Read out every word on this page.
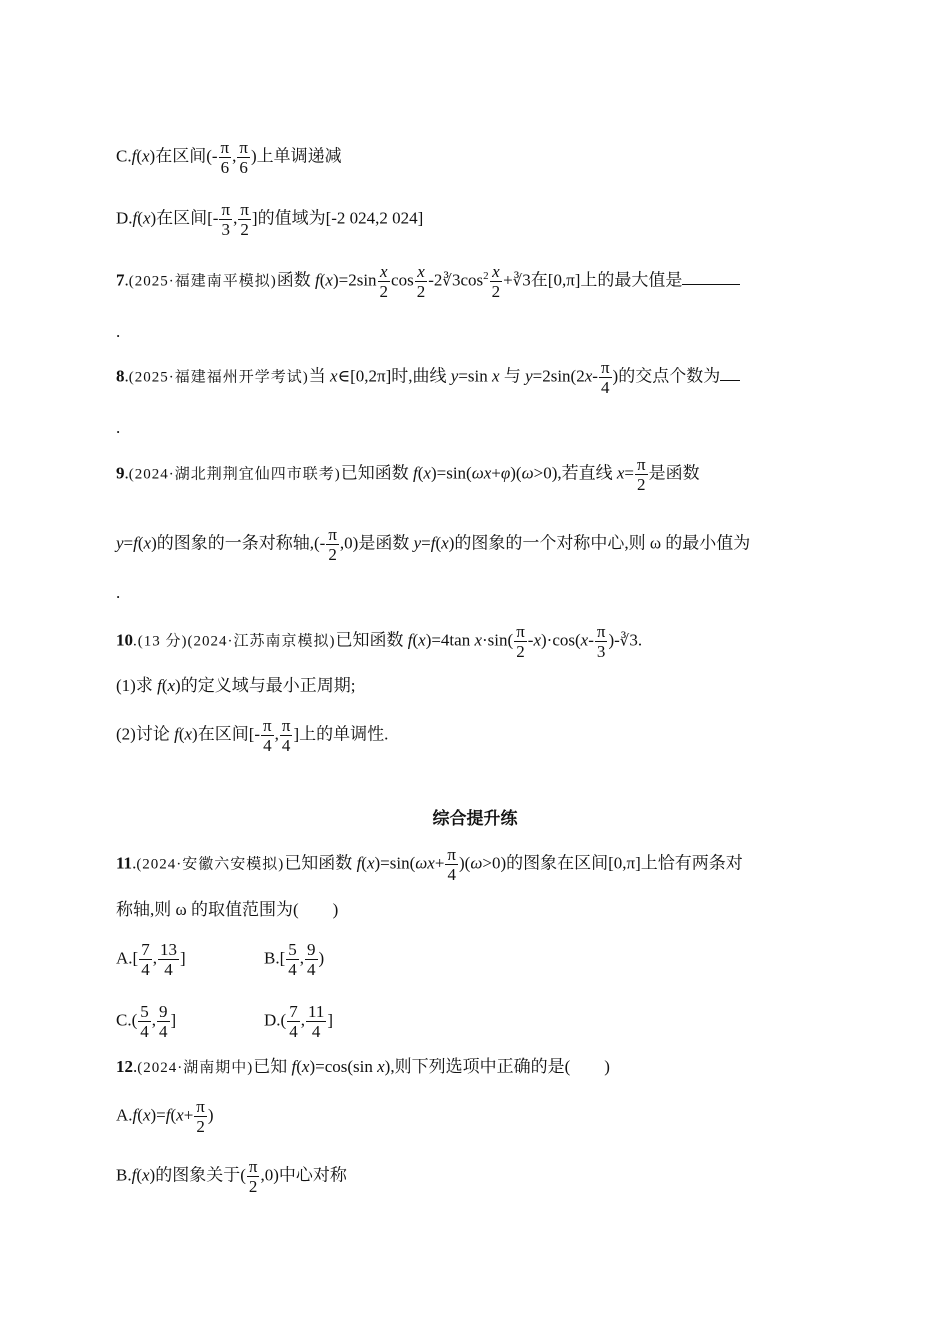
C.f(x)在区间(- $\frac{\pi}{6}$ , $\frac{\pi}{6}$ )上单调递减
D.f(x)在区间[- $\frac{\pi}{3}$ , $\frac{\pi}{2}$ ]的值域为[-2 024,2 024]
7.(2025·福建南平模拟)函数 $f(x)=2\sin \frac{x}{2}$ $\cos \frac{x}{2}$ $-2∛3\cos^2 \frac{x}{2}$ +∛3在[0,π]上的最大值是
.
8.(2025·福建福州开学考试)当 x∈[0,2π]时,曲线 y=sin x 与 $y=2\sin(2x- \frac{\pi}{4}$ )的交点个数为
.
9.(2024·湖北荆荆宜仙四市联考)已知函数 f(x)=sin(ωx+φ)(ω>0),若直线 $x= \frac{\pi}{2}$ 是函数
y=f(x)的图象的一条对称轴,(- $\frac{\pi}{2} ,0$)是函数 y=f(x)的图象的一个对称中心,则 ω 的最小值为
.
10.(13 分)(2024·江苏南京模拟)已知函数 f(x)=4tan $x\cdot\sin( \frac{\pi}{2} -x)\cdot\cos(x- \frac{\pi}{3}$ )-∛3.
(1)求 f(x)的定义域与最小正周期;
(2)讨论 f(x)在区间[- $\frac{\pi}{4}$ , $\frac{\pi}{4}$ ]上的单调性.
综合提升练
11.(2024·安徽六安模拟)已知函数 $f(x)=\sin(\omega x+ \frac{\pi}{4} )(\omega>0)$的图象在区间[0,π]上恰有两条对
称轴,则 ω 的取值范围为(　　)
$A.[ \frac{7}{4}$ , $\frac{13}{4}$ ]	$B.[ \frac{5}{4}$ , $\frac{9}{4}$ )
$C.( \frac{5}{4}$ , $\frac{9}{4}$ ]	$D.( \frac{7}{4}$ , $\frac{11}{4}$ ]
12.(2024·湖南期中)已知 f(x)=cos(sin x),则下列选项中正确的是(　　)
$A.f(x)=f(x+ \frac{\pi}{2}$ )
B.f(x)的图象关于( $\frac{\pi}{2} ,0$)中心对称
